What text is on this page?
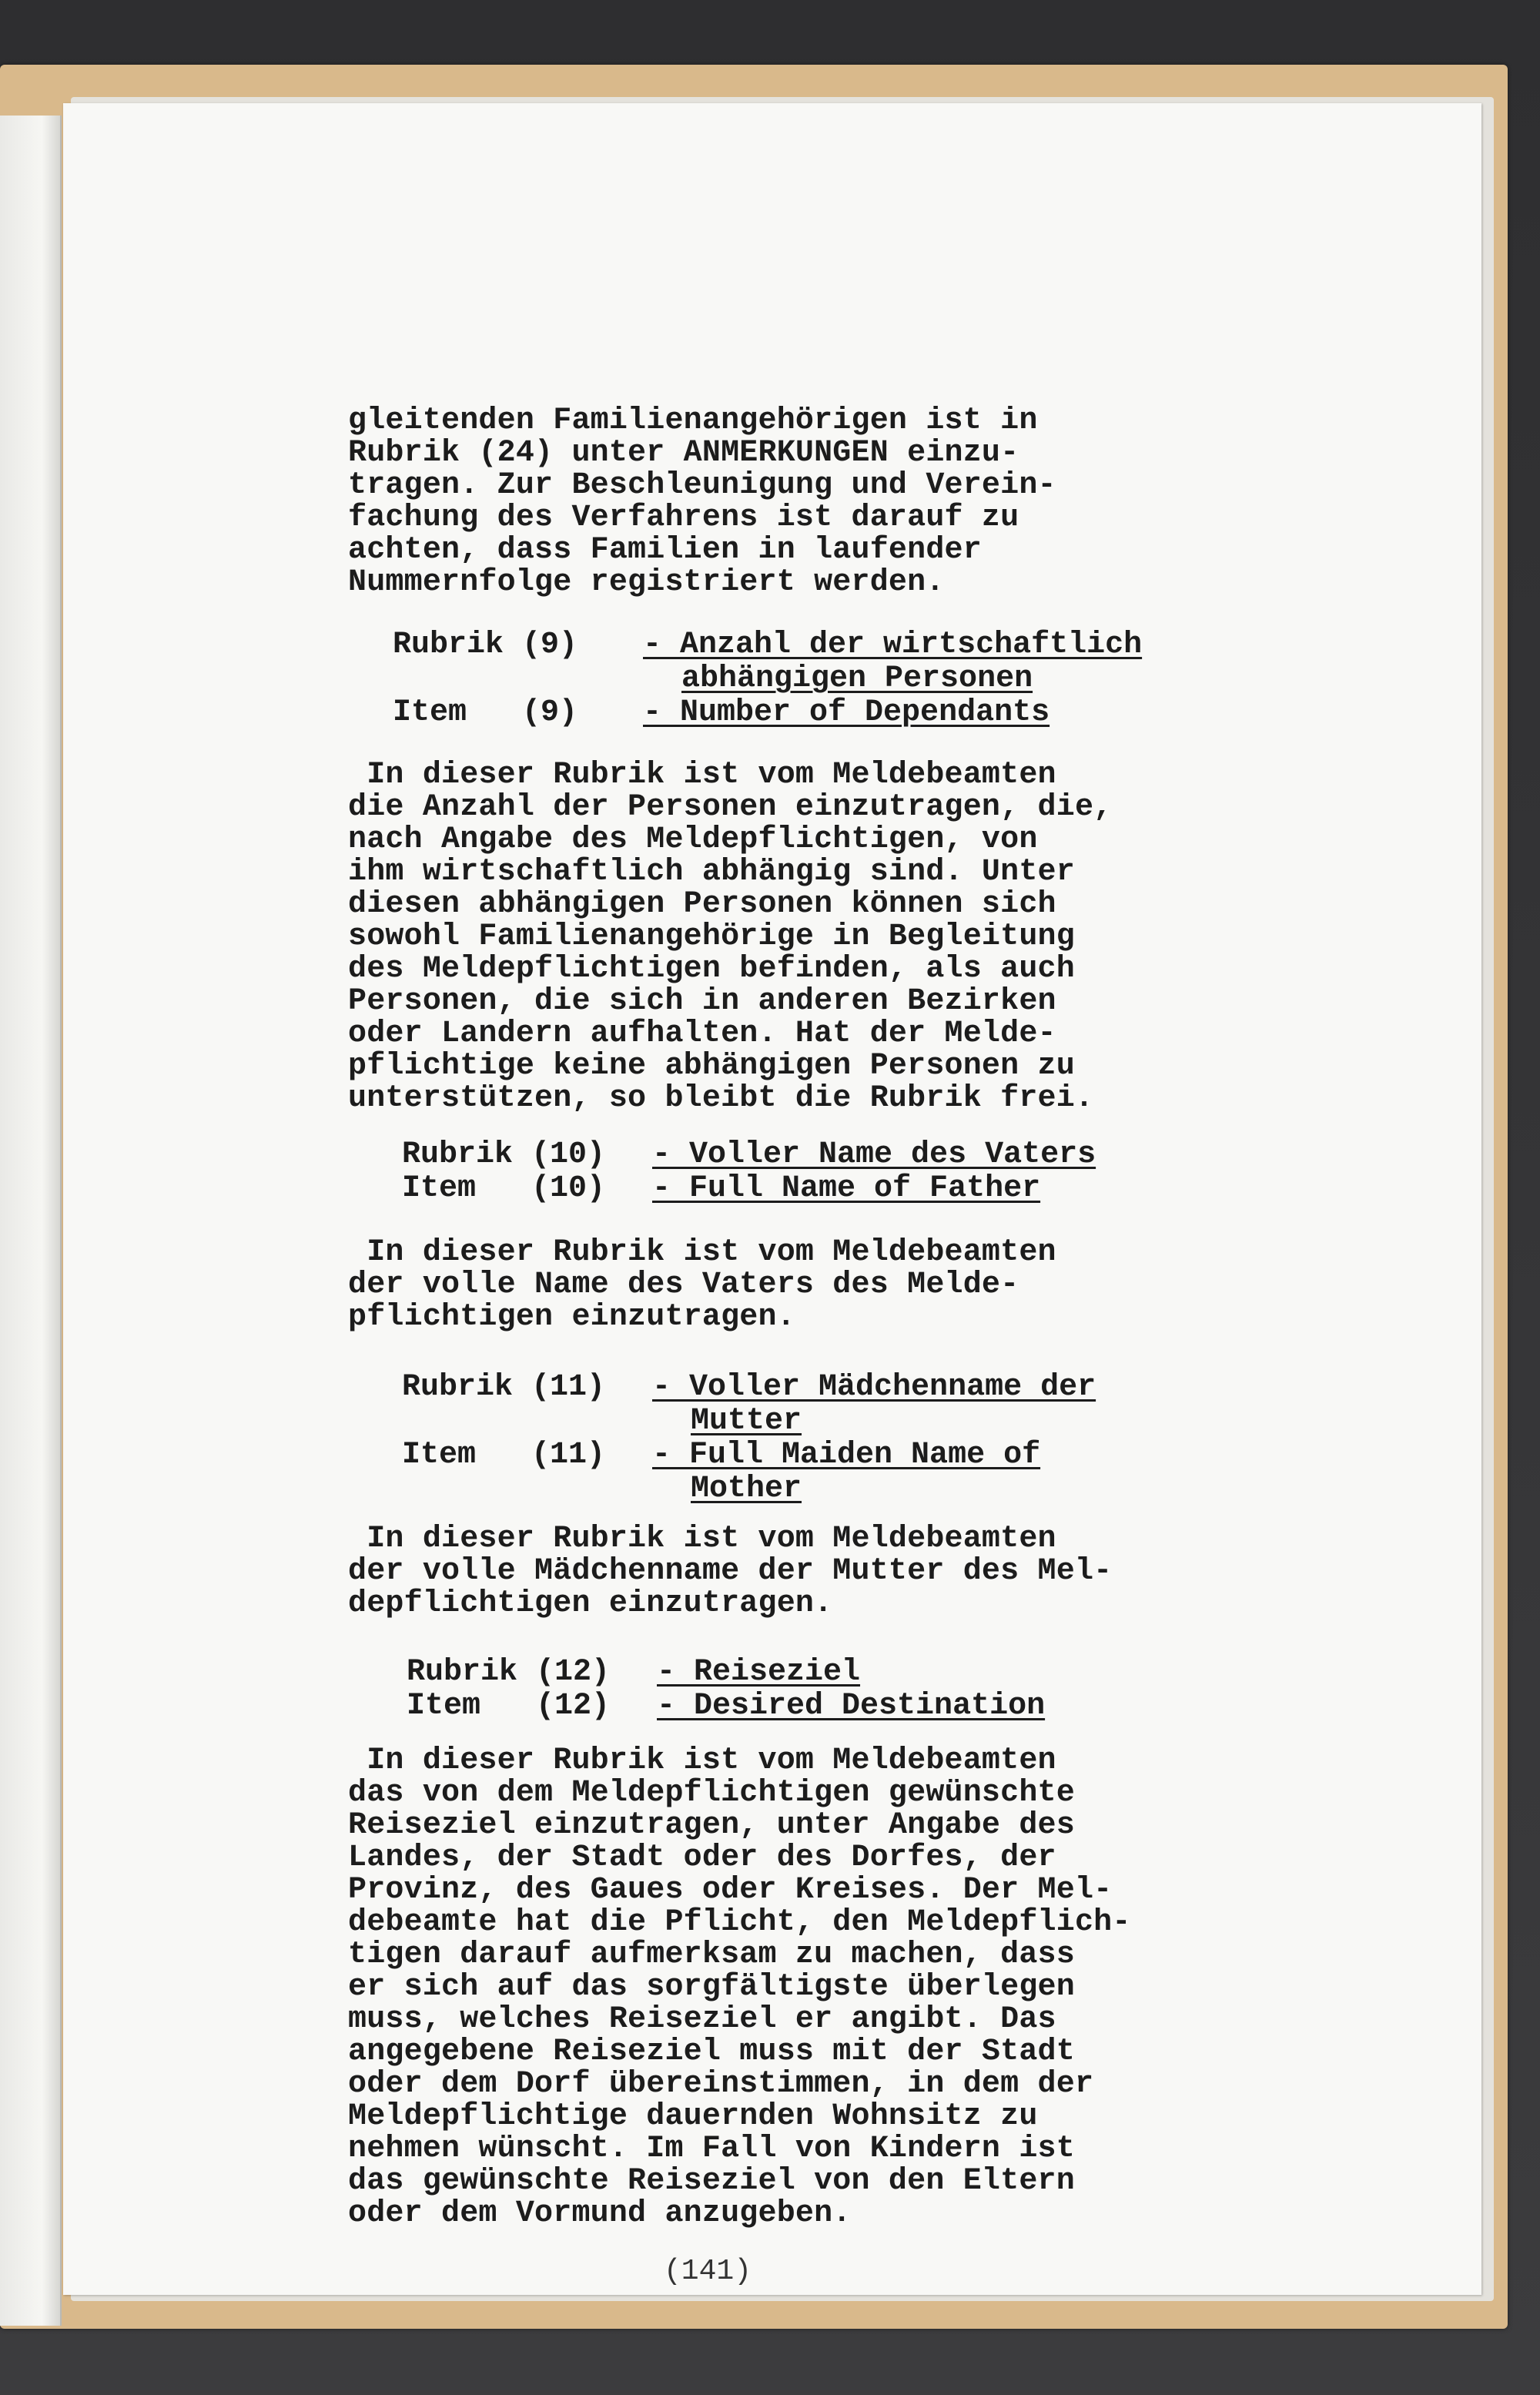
gleitenden Familienangehörigen ist in
Rubrik (24) unter ANMERKUNGEN einzu-
tragen. Zur Beschleunigung und Verein-
fachung des Verfahrens ist darauf zu
achten, dass Familien in laufender
Nummernfolge registriert werden.

Rubrik (9) - Anzahl der wirtschaftlich
abhängigen Personen
Item   (9) - Number of Dependants

In dieser Rubrik ist vom Meldebeamten
die Anzahl der Personen einzutragen, die,
nach Angabe des Meldepflichtigen, von
ihm wirtschaftlich abhängig sind. Unter
diesen abhängigen Personen können sich
sowohl Familienangehörige in Begleitung
des Meldepflichtigen befinden, als auch
Personen, die sich in anderen Bezirken
oder Landern aufhalten. Hat der Melde-
pflichtige keine abhängigen Personen zu
unterstützen, so bleibt die Rubrik frei.

Rubrik (10) - Voller Name des Vaters
Item   (10) - Full Name of Father

In dieser Rubrik ist vom Meldebeamten
der volle Name des Vaters des Melde-
pflichtigen einzutragen.

Rubrik (11) - Voller Mädchenname der
Mutter
Item   (11) - Full Maiden Name of
Mother

In dieser Rubrik ist vom Meldebeamten
der volle Mädchenname der Mutter des Mel-
depflichtigen einzutragen.

Rubrik (12) - Reiseziel
Item   (12) - Desired Destination

In dieser Rubrik ist vom Meldebeamten
das von dem Meldepflichtigen gewünschte
Reiseziel einzutragen, unter Angabe des
Landes, der Stadt oder des Dorfes, der
Provinz, des Gaues oder Kreises. Der Mel-
debeamte hat die Pflicht, den Meldepflich-
tigen darauf aufmerksam zu machen, dass
er sich auf das sorgfältigste überlegen
muss, welches Reiseziel er angibt. Das
angegebene Reiseziel muss mit der Stadt
oder dem Dorf übereinstimmen, in dem der
Meldepflichtige dauernden Wohnsitz zu
nehmen wünscht. Im Fall von Kindern ist
das gewünschte Reiseziel von den Eltern
oder dem Vormund anzugeben.

(141)
